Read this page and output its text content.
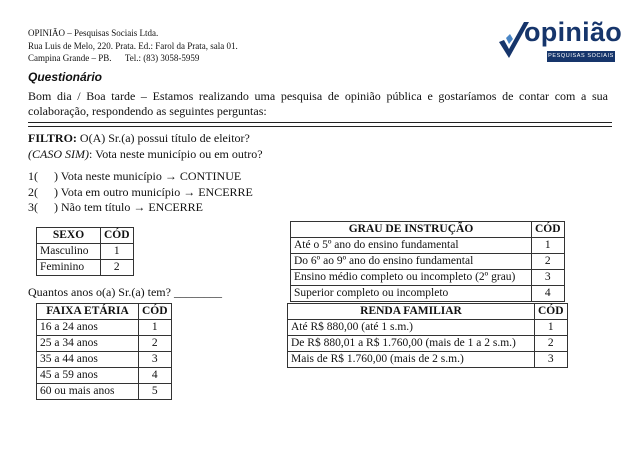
OPINIÃO – Pesquisas Sociais Ltda.
Rua Luis de Melo, 220. Prata. Ed.: Farol da Prata, sala 01.
Campina Grande – PB.      Tel.: (83) 3058-5959
opinião
PESQUISAS SOCIAIS LTDA.
Questionário
Bom dia / Boa tarde – Estamos realizando uma pesquisa de opinião pública e gostaríamos de contar com a sua colaboração, respondendo as seguintes perguntas:
FILTRO: O(A) Sr.(a) possui título de eleitor?
(CASO SIM): Vota neste município ou em outro?
1( ) Vota neste município → CONTINUE
2( ) Vota em outro município → ENCERRE
3( ) Não tem título → ENCERRE
SEXO	CÓD
Masculino	1
Feminino	2
Quantos anos o(a) Sr.(a) tem? ________
FAIXA ETÁRIA	CÓD
16 a 24 anos	1
25 a 34 anos	2
35 a 44 anos	3
45 a 59 anos	4
60 ou mais anos	5
GRAU DE INSTRUÇÃO	CÓD
Até o 5º ano do ensino fundamental	1
Do 6º ao 9º ano do ensino fundamental	2
Ensino médio completo ou incompleto (2º grau)	3
Superior completo ou incompleto	4
RENDA FAMILIAR	CÓD
Até R$ 880,00 (até 1 s.m.)	1
De R$ 880,01 a R$ 1.760,00 (mais de 1 a 2 s.m.)	2
Mais de R$ 1.760,00 (mais de 2 s.m.)	3
